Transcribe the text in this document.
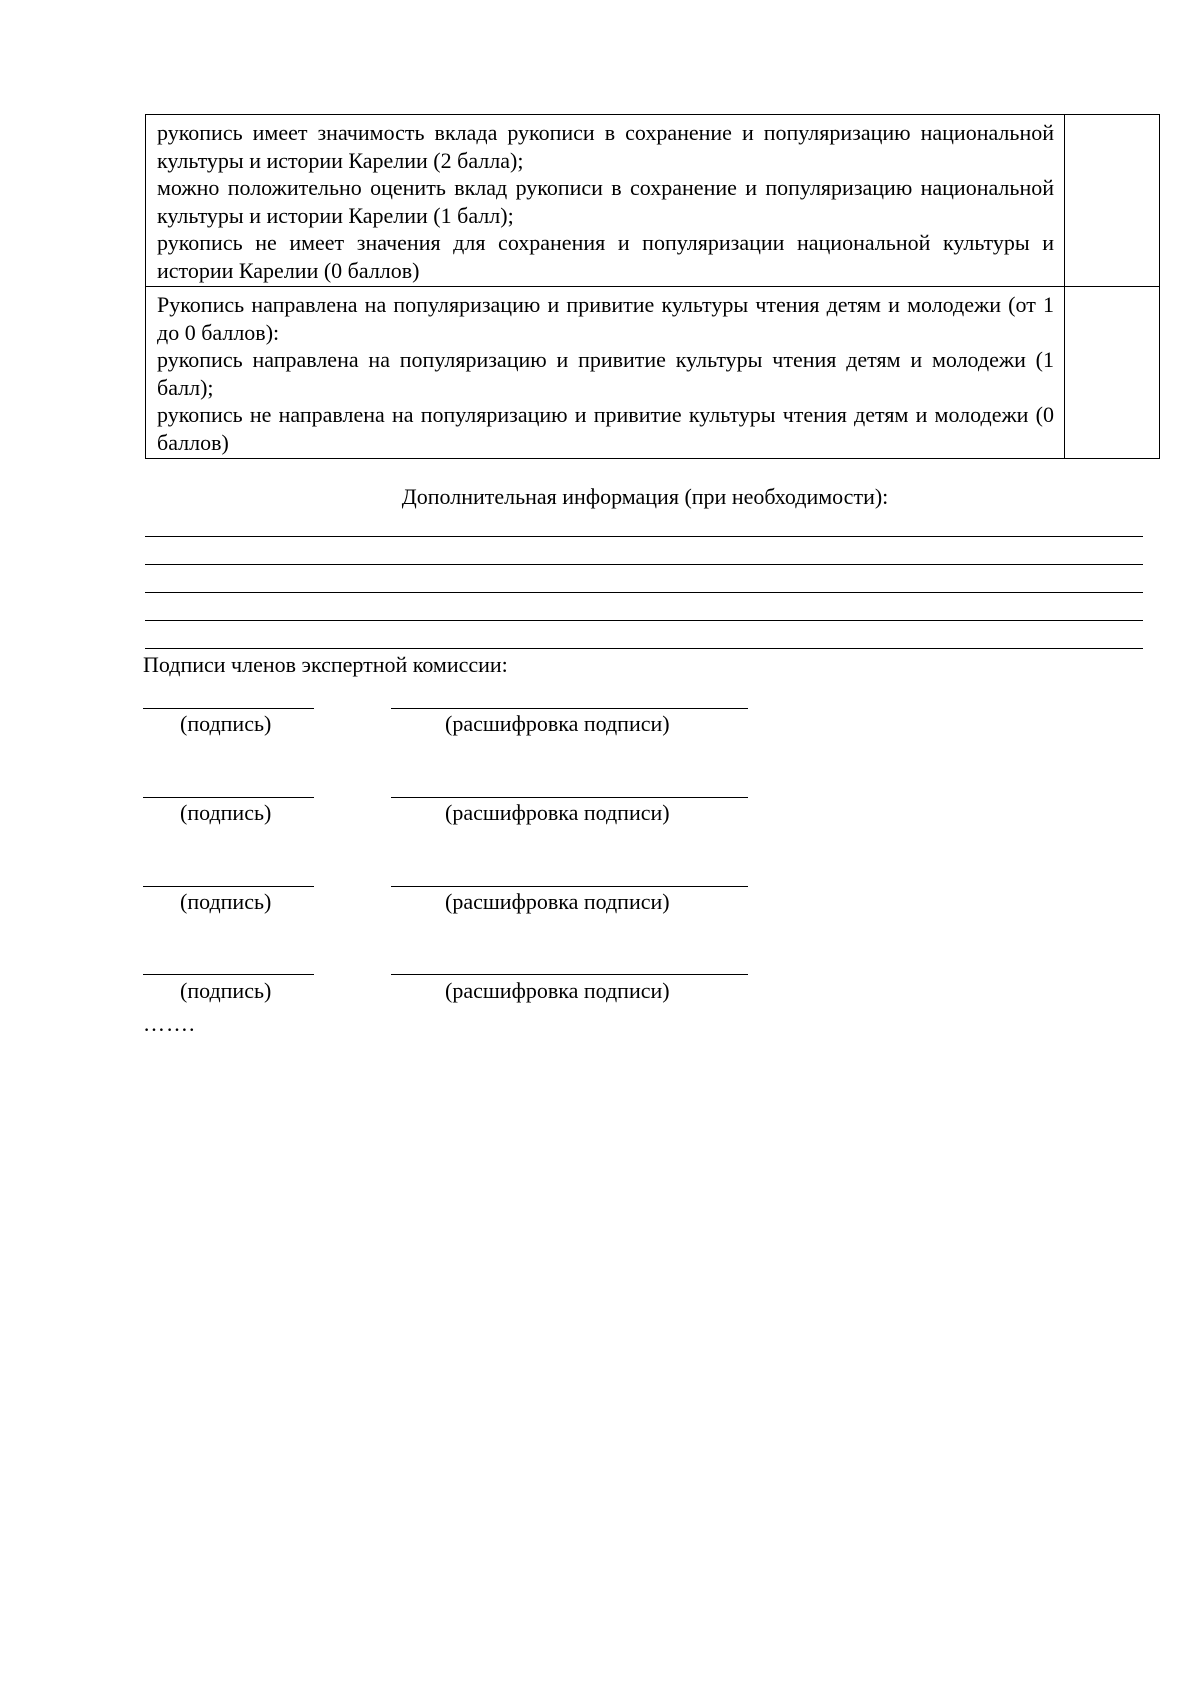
рукопись имеет значимость вклада рукописи в сохранение и популяризацию национальной культуры и истории Карелии (2 балла);

можно положительно оценить вклад рукописи в сохранение и популяризацию национальной культуры и истории Карелии (1 балл);

рукопись не имеет значения для сохранения и популяризации национальной культуры и истории Карелии (0 баллов)	

Рукопись направлена на популяризацию и привитие культуры чтения детям и молодежи (от 1 до 0 баллов):

рукопись направлена на популяризацию и привитие культуры чтения детям и молодежи (1 балл);

рукопись не направлена на популяризацию и привитие культуры чтения детям и молодежи (0 баллов)	

Дополнительная информация (при необходимости):

Подписи членов экспертной комиссии:

(подпись)	(расшифровка подписи)
(подпись)	(расшифровка подписи)
(подпись)	(расшифровка подписи)
(подпись)	(расшифровка подписи)
…….
